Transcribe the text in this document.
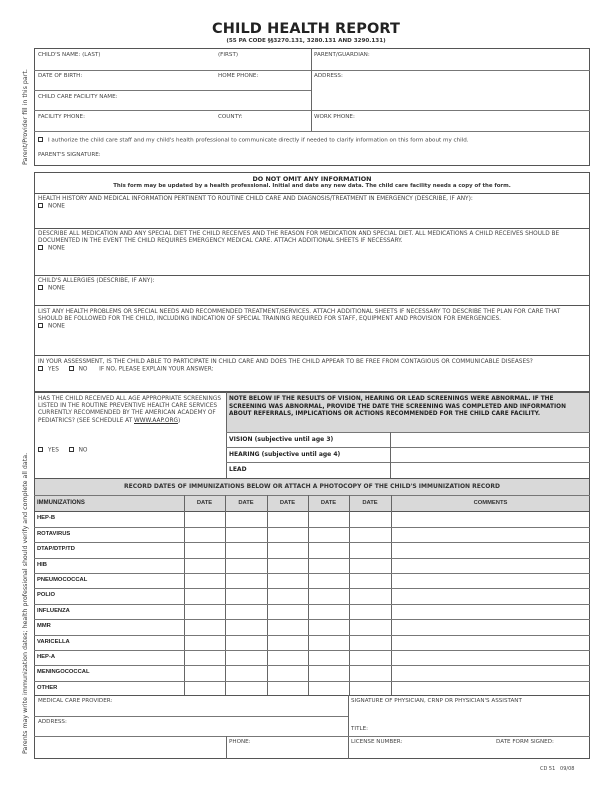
CHILD HEALTH REPORT
(55 PA CODE §§3270.131, 3280.131 AND 3290.131)
Parent/Provider fill in this part.
Parents may write immunization dates; health professional should verify and complete all data.
CHILD'S NAME: (LAST)	(FIRST)	PARENT/GUARDIAN:
DATE OF BIRTH:	HOME PHONE:	ADDRESS:
CHILD CARE FACILITY NAME:
FACILITY PHONE:	COUNTY:	WORK PHONE:
I authorize the child care staff and my child's health professional to communicate directly if needed to clarify information on this form about my child.
PARENT'S SIGNATURE:
DO NOT OMIT ANY INFORMATION
This form may be updated by a health professional. Initial and date any new data. The child care facility needs a copy of the form.
HEALTH HISTORY AND MEDICAL INFORMATION PERTINENT TO ROUTINE CHILD CARE AND DIAGNOSIS/TREATMENT IN EMERGENCY (DESCRIBE, IF ANY):
NONE
DESCRIBE ALL MEDICATION AND ANY SPECIAL DIET THE CHILD RECEIVES AND THE REASON FOR MEDICATION AND SPECIAL DIET. ALL MEDICATIONS A CHILD RECEIVES SHOULD BE DOCUMENTED IN THE EVENT THE CHILD REQUIRES EMERGENCY MEDICAL CARE. ATTACH ADDITIONAL SHEETS IF NECESSARY.
NONE
CHILD'S ALLERGIES (DESCRIBE, IF ANY):
NONE
LIST ANY HEALTH PROBLEMS OR SPECIAL NEEDS AND RECOMMENDED TREATMENT/SERVICES. ATTACH ADDITIONAL SHEETS IF NECESSARY TO DESCRIBE THE PLAN FOR CARE THAT SHOULD BE FOLLOWED FOR THE CHILD, INCLUDING INDICATION OF SPECIAL TRAINING REQUIRED FOR STAFF, EQUIPMENT AND PROVISION FOR EMERGENCIES.
NONE
IN YOUR ASSESSMENT, IS THE CHILD ABLE TO PARTICIPATE IN CHILD CARE AND DOES THE CHILD APPEAR TO BE FREE FROM CONTAGIOUS OR COMMUNICABLE DISEASES?
YES	NO IF NO, PLEASE EXPLAIN YOUR ANSWER:
HAS THE CHILD RECEIVED ALL AGE APPROPRIATE SCREENINGS LISTED IN THE ROUTINE PREVENTIVE HEALTH CARE SERVICES CURRENTLY RECOMMENDED BY THE AMERICAN ACADEMY OF PEDIATRICS? (SEE SCHEDULE AT WWW.AAP.ORG)
YES	NO
NOTE BELOW IF THE RESULTS OF VISION, HEARING OR LEAD SCREENINGS WERE ABNORMAL. IF THE SCREENING WAS ABNORMAL, PROVIDE THE DATE THE SCREENING WAS COMPLETED AND INFORMATION ABOUT REFERRALS, IMPLICATIONS OR ACTIONS RECOMMENDED FOR THE CHILD CARE FACILITY.
VISION (subjective until age 3)
HEARING (subjective until age 4)
LEAD
RECORD DATES OF IMMUNIZATIONS BELOW OR ATTACH A PHOTOCOPY OF THE CHILD'S IMMUNIZATION RECORD
IMMUNIZATIONS	DATE	DATE	DATE	DATE	DATE	COMMENTS
HEP-B
ROTAVIRUS
DTAP/DTP/TD
HIB
PNEUMOCOCCAL
POLIO
INFLUENZA
MMR
VARICELLA
HEP-A
MENINGOCOCCAL
OTHER
MEDICAL CARE PROVIDER:
ADDRESS:
PHONE:
SIGNATURE OF PHYSICIAN, CRNP OR PHYSICIAN'S ASSISTANT
TITLE:
LICENSE NUMBER:	DATE FORM SIGNED:
CD 51   09/08
